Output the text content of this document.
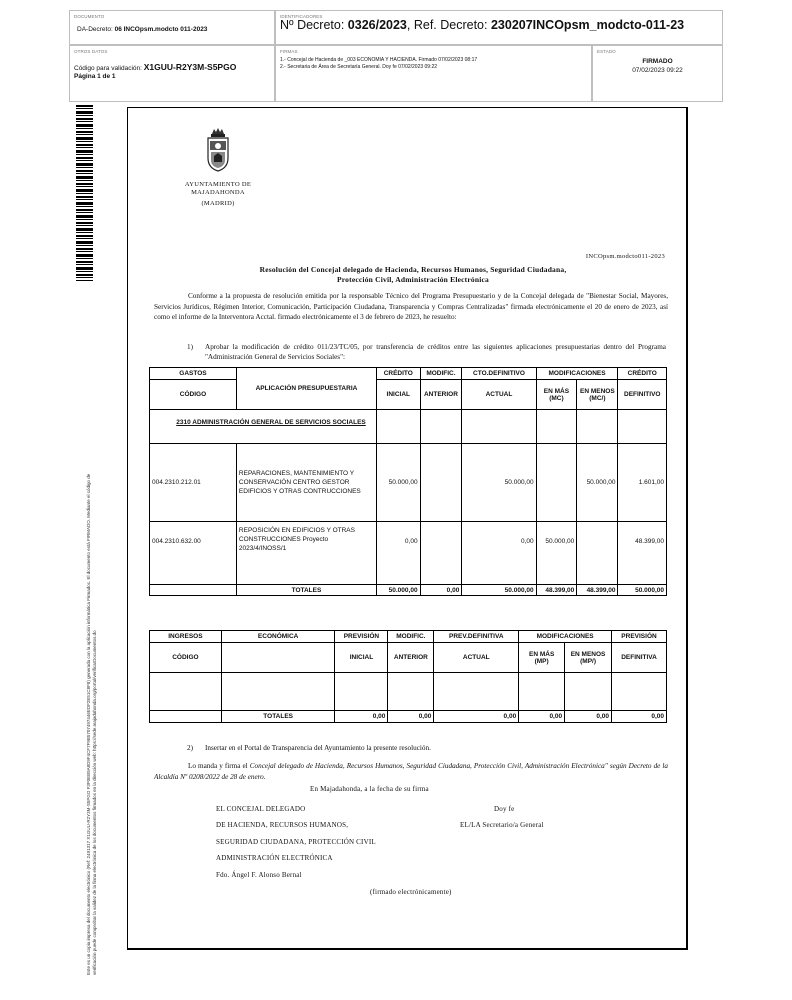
DOCUMENTO
DA-Decreto: 06 INCOpsm.modcto 011-2023
IDENTIFICADORES
Nº Decreto: 0326/2023, Ref. Decreto: 230207INCOpsm_modcto-011-23
OTROS DATOS
Código para validación: X1GUU-R2Y3M-S5PGO
Página 1 de 1
FIRMAS
1.- Concejal de Hacienda de _003 ECONOMIA Y HACIENDA. Firmado 07/02/2023 08:17
2.- Secretaria de Área de Secretaría General. Doy fe 07/02/2023 09:22
ESTADO
FIRMADO
07/02/2023 09:22
Este es un copia impresa del documento electrónico (Ref: 2491317 X1GUU-R2Y3M-S5PGO F3F0EB9A8D9F4CF7F9B5707497446EDF2E51C8F8) generada con la aplicación informática Firmadoc. El documento está FIRMADO. Mediante el código de verificación puede comprobar la validez de la firma electrónica de los documentos firmados en la dirección web: https://sede.majadahonda.org/portal/verificarDocumentos.do
AYUNTAMIENTO DE
MAJADAHONDA
(MADRID)
INCOpsm.modcto011-2023
Resolución del Concejal delegado de Hacienda, Recursos Humanos, Seguridad Ciudadana,
Protección Civil, Administración Electrónica
Conforme a la propuesta de resolución emitida por la responsable Técnico del Programa Presupuestario y de la Concejal delegada de "Bienestar Social, Mayores, Servicios Jurídicos, Régimen Interior, Comunicación, Participación Ciudadana, Transparencia y Compras Centralizadas" firmada electrónicamente el 20 de enero de 2023, así como el informe de la Interventora Acctal. firmado electrónicamente el 3 de febrero de 2023, he resuelto:
1) Aprobar la modificación de crédito 011/23/TC/05, por transferencia de créditos entre las siguientes aplicaciones presupuestarias dentro del Programa "Administración General de Servicios Sociales":
GASTOS	APLICACIÓN PRESUPUESTARIA	CRÉDITO	MODIFIC.	CTO.DEFINITIVO	MODIFICACIONES		CRÉDITO
CÓDIGO		INICIAL	ANTERIOR	ACTUAL	EN MÁS (MC)	EN MENOS (MC/)	DEFINITIVO
2310 ADMINISTRACIÓN GENERAL DE SERVICIOS SOCIALES							
004.2310.212.01	REPARACIONES, MANTENIMIENTO Y CONSERVACIÓN CENTRO GESTOR EDIFICIOS Y OTRAS CONTRUCCIONES	50.000,00		50.000,00		50.000,00	1.601,00
004.2310.632.00	REPOSICIÓN EN EDIFICIOS Y OTRAS CONSTRUCCIONES Proyecto 2023/4/INOSS/1	0,00		0,00	50.000,00		48.399,00
	TOTALES	50.000,00	0,00	50.000,00	48.399,00	48.399,00	50.000,00
INGRESOS	ECONÓMICA	PREVISIÓN	MODIFIC.	PREV.DEFINITIVA	MODIFICACIONES		PREVISIÓN
CÓDIGO		INICIAL	ANTERIOR	ACTUAL	EN MÁS (MP)	EN MENOS (MP/)	DEFINITIVA

	TOTALES	0,00	0,00	0,00	0,00	0,00	0,00
2) Insertar en el Portal de Transparencia del Ayuntamiento la presente resolución.
Lo manda y firma el Concejal delegado de Hacienda, Recursos Humanos, Seguridad Ciudadana, Protección Civil, Administración Electrónica" según Decreto de la Alcaldía Nº 0208/2022 de 28 de enero.
En Majadahonda, a la fecha de su firma
EL CONCEJAL DELEGADO
DE HACIENDA, RECURSOS HUMANOS,
SEGURIDAD CIUDADANA, PROTECCIÓN CIVIL
ADMINISTRACIÓN ELECTRÓNICA
Fdo. Ángel F. Alonso Bernal
Doy fe
EL/LA Secretario/a General
(firmado electrónicamente)
